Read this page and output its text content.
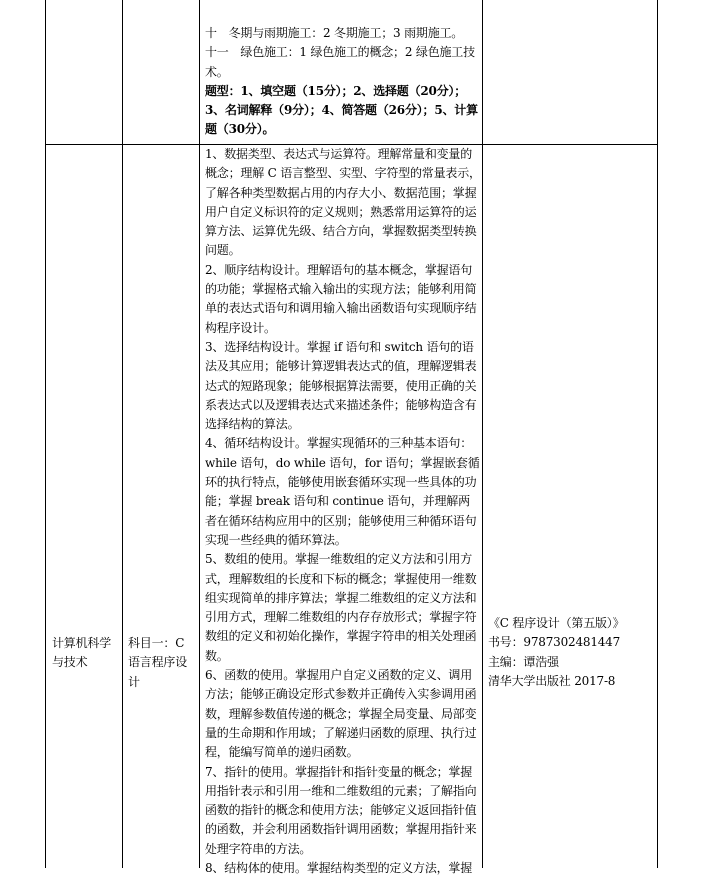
十　冬期与雨期施工：2 冬期施工；3 雨期施工。

十一　绿色施工：1 绿色施工的概念；2 绿色施工技术。

题型：1、填空题（15分）；2、选择题（20分）；3、名词解释（9分）；4、简答题（26分）；5、计算题（30分）。

1、数据类型、表达式与运算符。理解常量和变量的概念；理解 C 语言整型、实型、字符型的常量表示，了解各种类型数据占用的内存大小、数据范围；掌握用户自定义标识符的定义规则；熟悉常用运算符的运算方法、运算优先级、结合方向，掌握数据类型转换问题。

2、顺序结构设计。理解语句的基本概念，掌握语句的功能；掌握格式输入输出的实现方法；能够利用简单的表达式语句和调用输入输出函数语句实现顺序结构程序设计。

3、选择结构设计。掌握 if 语句和 switch 语句的语法及其应用；能够计算逻辑表达式的值，理解逻辑表达式的短路现象；能够根据算法需要，使用正确的关系表达式以及逻辑表达式来描述条件；能够构造含有选择结构的算法。

4、循环结构设计。掌握实现循环的三种基本语句：while 语句，do while 语句，for 语句；掌握嵌套循环的执行特点，能够使用嵌套循环实现一些具体的功能；掌握 break 语句和 continue 语句，并理解两者在循环结构应用中的区别；能够使用三种循环语句实现一些经典的循环算法。

5、数组的使用。掌握一维数组的定义方法和引用方式，理解数组的长度和下标的概念；掌握使用一维数组实现简单的排序算法；掌握二维数组的定义方法和引用方式，理解二维数组的内存存放形式；掌握字符数组的定义和初始化操作，掌握字符串的相关处理函数。

6、函数的使用。掌握用户自定义函数的定义、调用方法；能够正确设定形式参数并正确传入实参调用函数，理解参数值传递的概念；掌握全局变量、局部变量的生命期和作用域；了解递归函数的原理、执行过程，能编写简单的递归函数。

7、指针的使用。掌握指针和指针变量的概念；掌握用指针表示和引用一维和二维数组的元素；了解指向函数的指针的概念和使用方法；能够定义返回指针值的函数，并会利用函数指针调用函数；掌握用指针来处理字符串的方法。

8、结构体的使用。掌握结构类型的定义方法，掌握

计算机科学与技术
科目一：C 语言程序设计
《C 程序设计（第五版）》
书号：9787302481447
主编：谭浩强
清华大学出版社 2017-8
